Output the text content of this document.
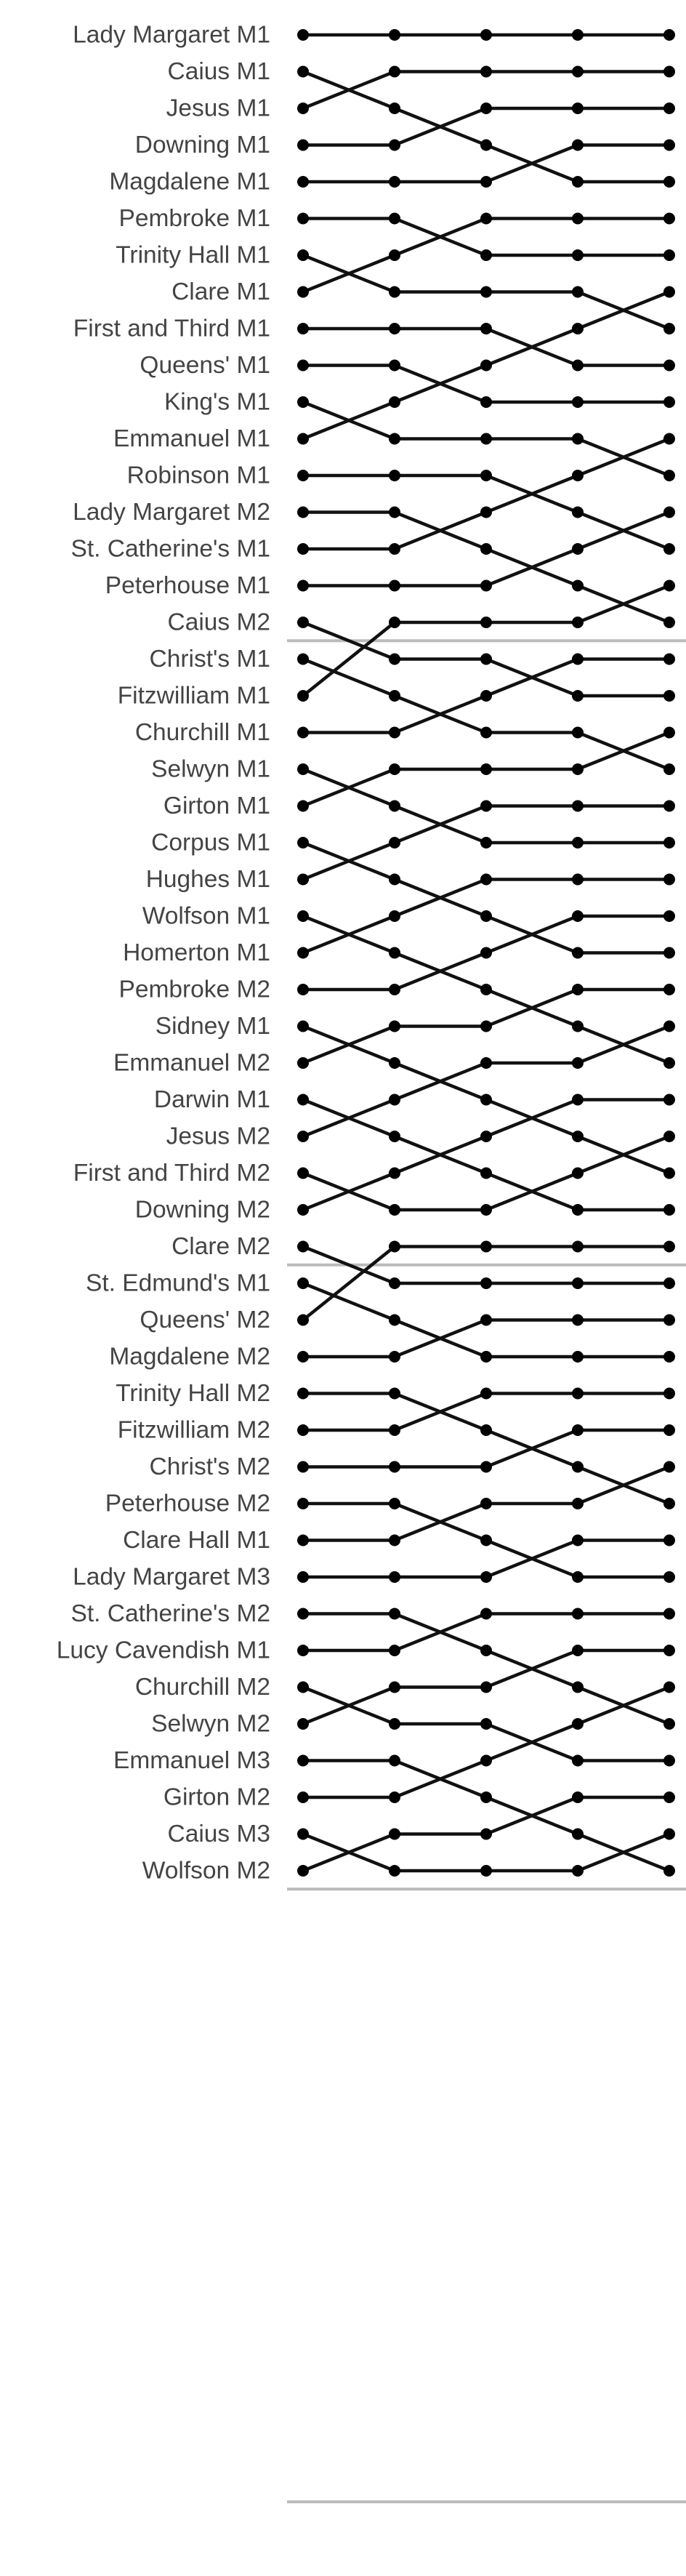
Lady Margaret M1
Caius M1
Jesus M1
Downing M1
Magdalene M1
Pembroke M1
Trinity Hall M1
Clare M1
First and Third M1
Queens' M1
King's M1
Emmanuel M1
Robinson M1
Lady Margaret M2
St. Catherine's M1
Peterhouse M1
Caius M2
Christ's M1
Fitzwilliam M1
Churchill M1
Selwyn M1
Girton M1
Corpus M1
Hughes M1
Wolfson M1
Homerton M1
Pembroke M2
Sidney M1
Emmanuel M2
Darwin M1
Jesus M2
First and Third M2
Downing M2
Clare M2
St. Edmund's M1
Queens' M2
Magdalene M2
Trinity Hall M2
Fitzwilliam M2
Christ's M2
Peterhouse M2
Clare Hall M1
Lady Margaret M3
St. Catherine's M2
Lucy Cavendish M1
Churchill M2
Selwyn M2
Emmanuel M3
Girton M2
Caius M3
Wolfson M2
